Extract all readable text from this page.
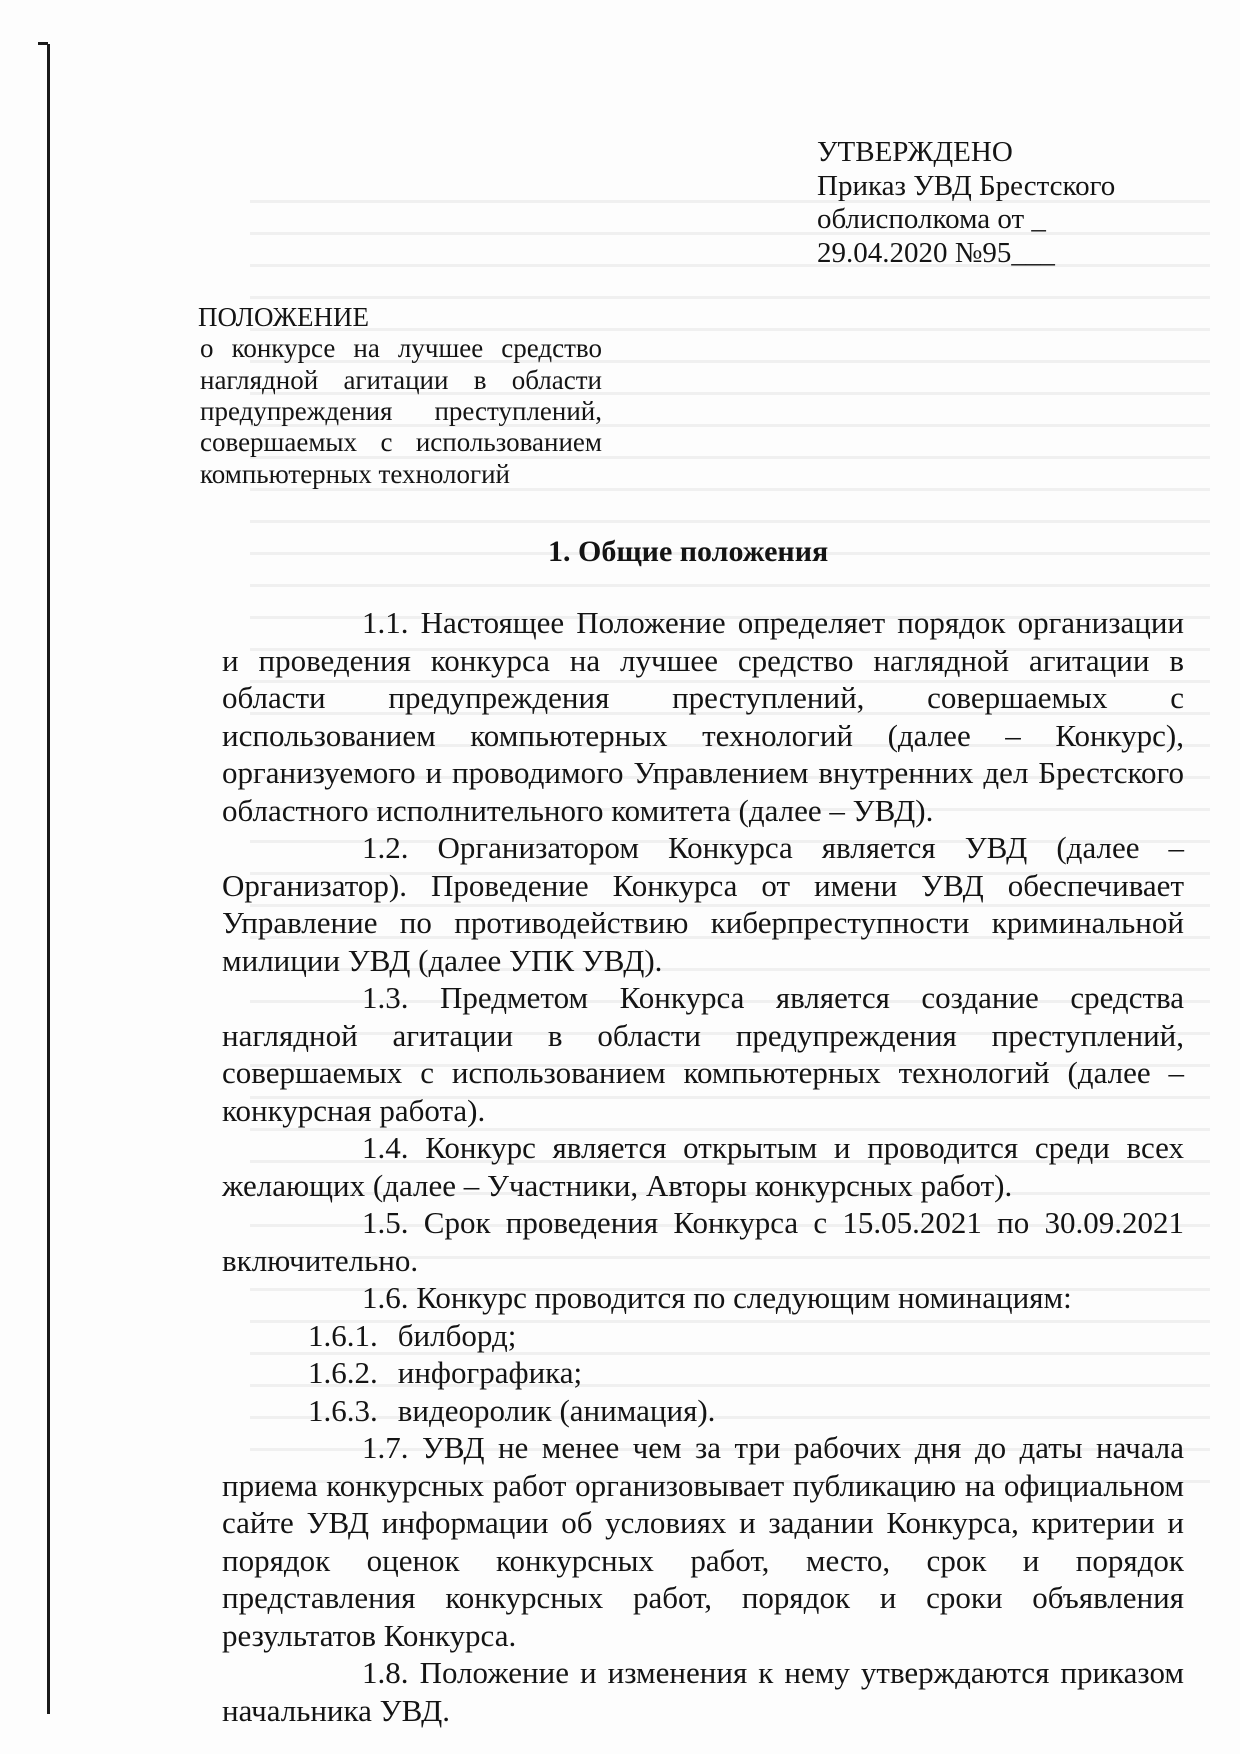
УТВЕРЖДЕНО
Приказ УВД Брестского
облисполкома от _
29.04.2020 №95___
ПОЛОЖЕНИЕ
о конкурсе на лучшее средство
наглядной агитации в области
предупреждения преступлений,
совершаемых с использованием
компьютерных технологий
1. Общие положения

1.1. Настоящее Положение определяет порядок организации и проведения конкурса на лучшее средство наглядной агитации в области предупреждения преступлений, совершаемых с использованием компьютерных технологий (далее – Конкурс), организуемого и проводимого Управлением внутренних дел Брестского областного исполнительного комитета (далее – УВД).

1.2. Организатором Конкурса является УВД (далее – Организатор). Проведение Конкурса от имени УВД обеспечивает Управление по противодействию киберпреступности криминальной милиции УВД (далее УПК УВД).

1.3. Предметом Конкурса является создание средства наглядной агитации в области предупреждения преступлений, совершаемых с использованием компьютерных технологий (далее – конкурсная работа).

1.4. Конкурс является открытым и проводится среди всех желающих (далее – Участники, Авторы конкурсных работ).

1.5. Срок проведения Конкурса с 15.05.2021 по 30.09.2021 включительно.

1.6. Конкурс проводится по следующим номинациям:

1.6.1. билборд;

1.6.2. инфографика;

1.6.3. видеоролик (анимация).

1.7. УВД не менее чем за три рабочих дня до даты начала приема конкурсных работ организовывает публикацию на официальном сайте УВД информации об условиях и задании Конкурса, критерии и порядок оценок конкурсных работ, место, срок и порядок представления конкурсных работ, порядок и сроки объявления результатов Конкурса.

1.8. Положение и изменения к нему утверждаются приказом начальника УВД.
